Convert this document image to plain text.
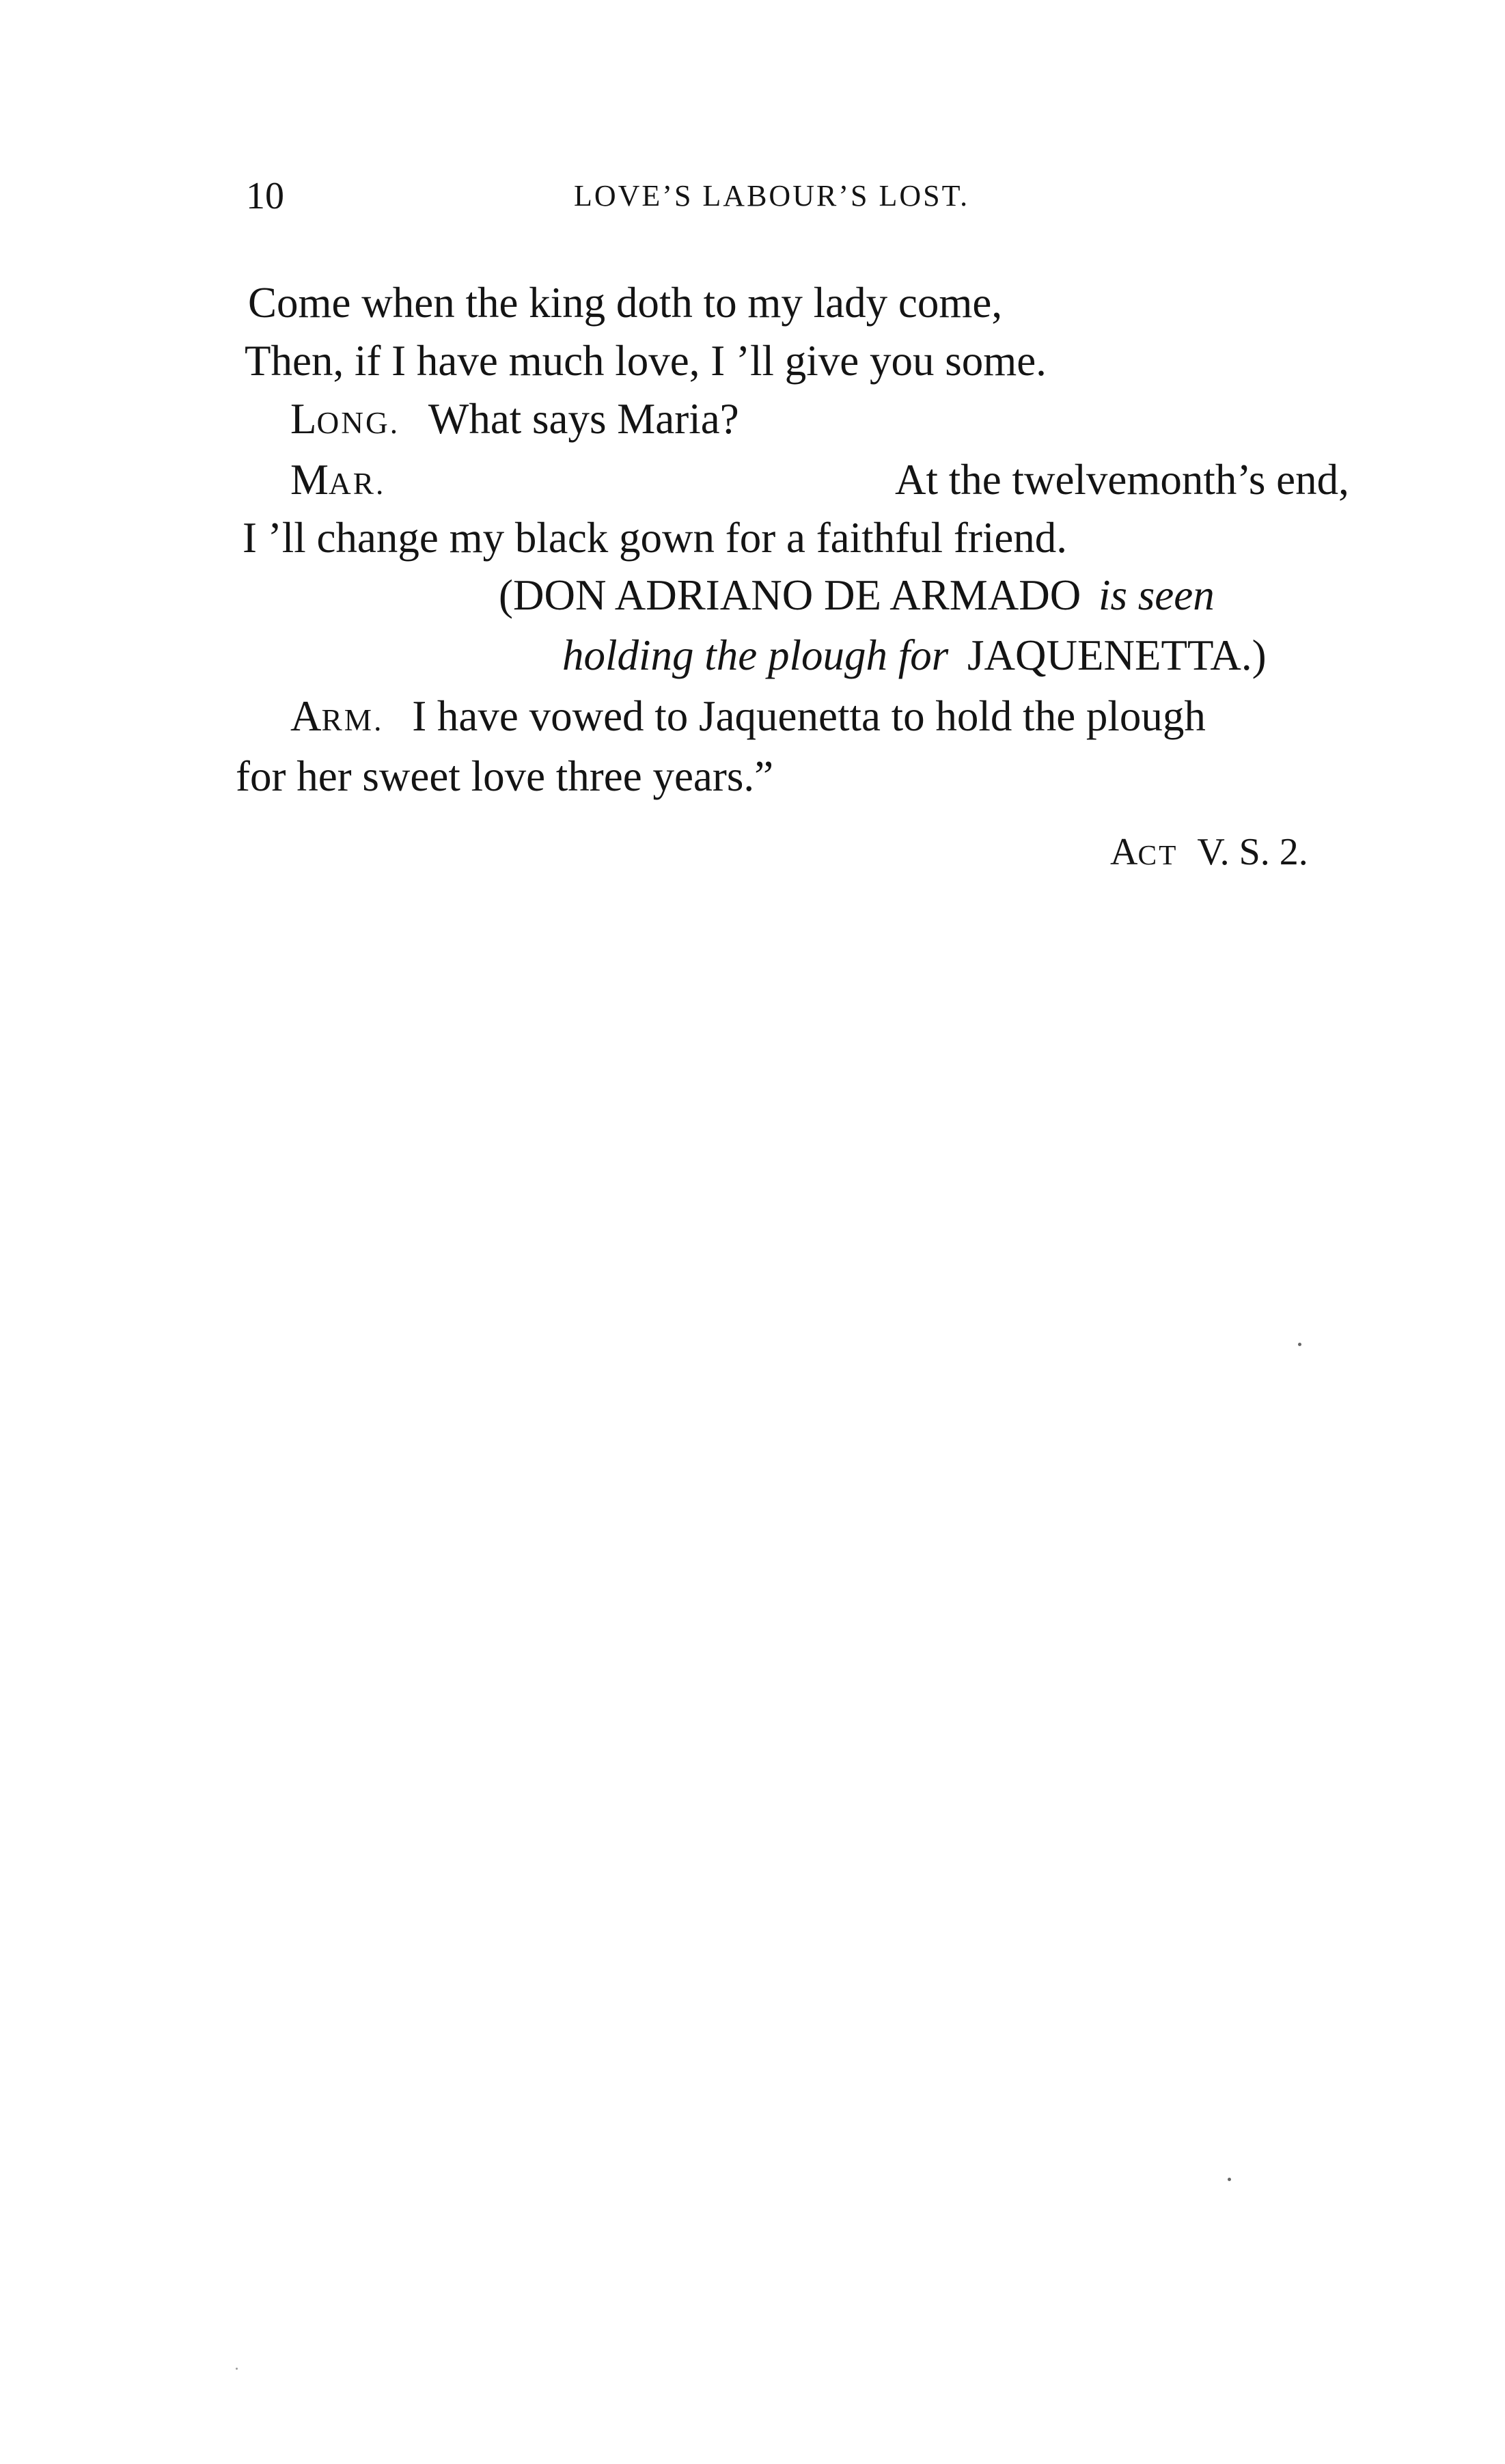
10	LOVE’S LABOUR’S LOST.
Come when the king doth to my lady come,
Then, if I have much love, I ’ll give you some.
LONG. What says Maria?
MAR.	At the twelvemonth’s end,
I ’ll change my black gown for a faithful friend.
(DON ADRIANO DE ARMADO is seen
holding the plough for JAQUENETTA.)
ARM. I have vowed to Jaquenetta to hold the plough
for her sweet love three years.”
ACT V. S. 2.
